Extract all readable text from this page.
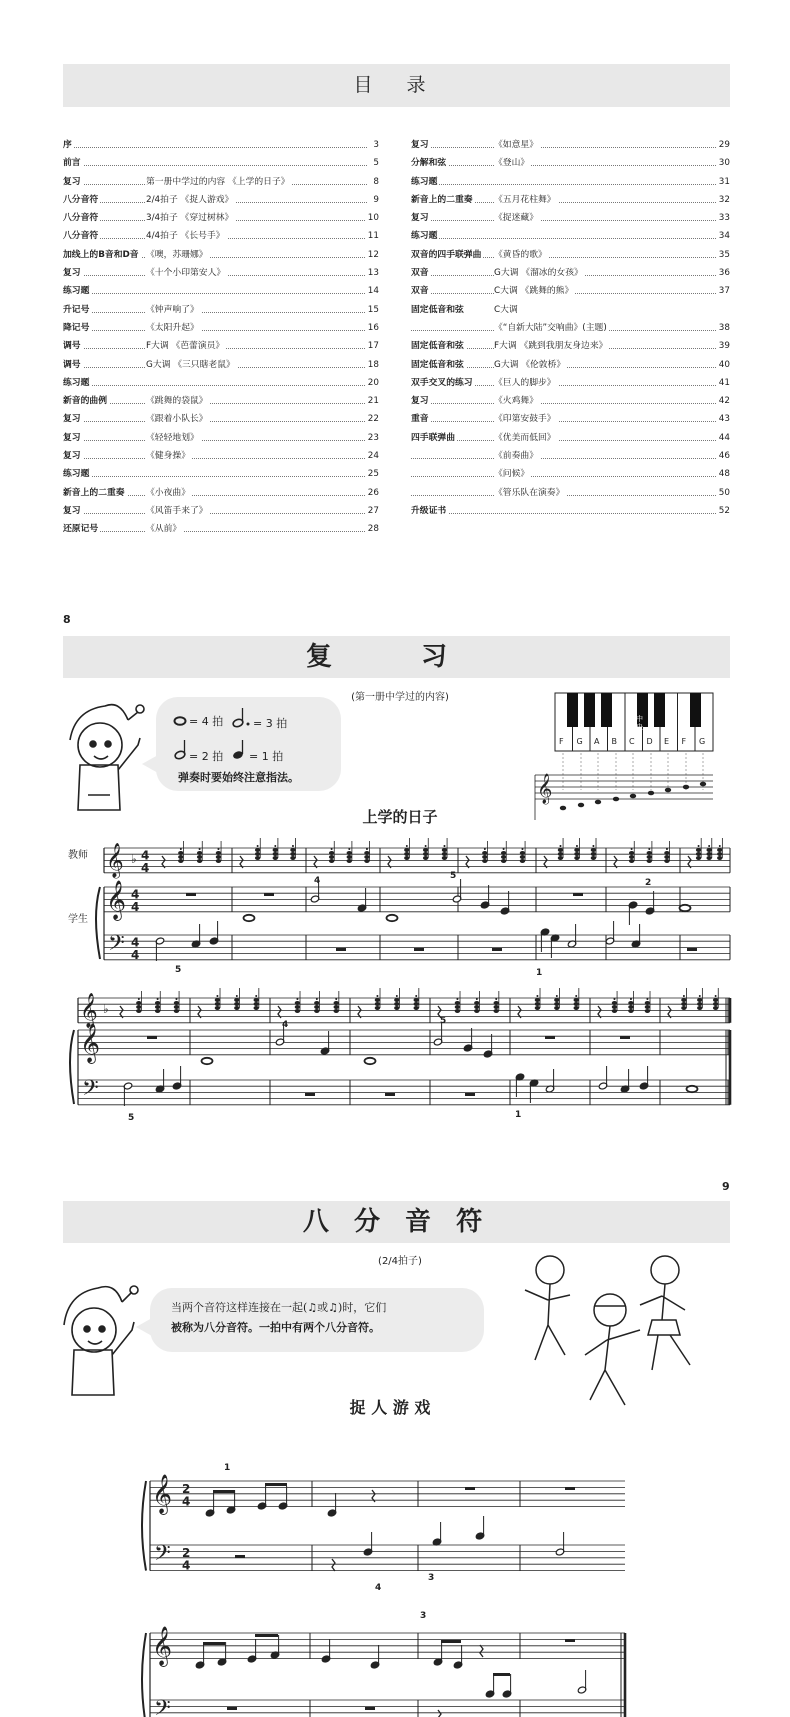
目 录
序	3
前言	5
复习	第一册中学过的内容 《上学的日子》	8
八分音符	2/4拍子 《捉人游戏》	9
八分音符	3/4拍子 《穿过树林》	10
八分音符	4/4拍子 《长号手》	11
加线上的B音和D音 《噢，苏珊娜》	12
复习	《十个小印第安人》	13
练习题	14
升记号	《钟声响了》	15
降记号	《太阳升起》	16
调号	F大调 《芭蕾演员》	17
调号	G大调 《三只瞎老鼠》	18
练习题	20
新音的曲例	《跳舞的袋鼠》	21
复习	《跟着小队长》	22
复习	《轻轻地划》	23
复习	《健身操》	24
练习题	25
新音上的二重奏 《小夜曲》	26
复习	《风笛手来了》	27
还原记号	《从前》	28
复习	《如意星》	29
分解和弦	《登山》	30
练习题	31
新音上的二重奏 《五月花柱舞》	32
复习	《捉迷藏》	33
练习题	34
双音的四手联弹曲 《黄昏的歌》	35
双音	G大调 《溜冰的女孩》	36
双音	C大调 《跳舞的熊》	37
固定低音和弦	C大调
《“自新大陆”交响曲》(主题)	38
固定低音和弦	F大调 《跳到我朋友身边来》	39
固定低音和弦	G大调 《伦敦桥》	40
双手交叉的练习 《巨人的脚步》	41
复习	《火鸡舞》	42
重音	《印第安鼓手》	43
四手联弹曲	《优美而低回》	44
《前奏曲》	46
《问候》	48
《管乐队在演奏》	50
升级证书	52
8
复 习
(第一册中学过的内容)
= 4 拍	= 3 拍
= 2 拍 = 1 拍
弹奏时要始终注意指法。	𝄞
F G A B C D E F G
中央C
上学的日子
教师
学生
𝄞
𝄞
𝄢
♭ 4
4
4
4
4
4
𝄞
𝄞
𝄢
♭
4	5
2
5	1
4	5
5	1
9
八 分 音 符
(2/4拍子)
当两个音符这样连接在一起(♫或♫)时，它们
被称为八分音符。一拍中有两个八分音符。
捉 人 游 戏
𝄞
𝄢
2
4
2
4
𝄞
𝄢
1
4
3
3
